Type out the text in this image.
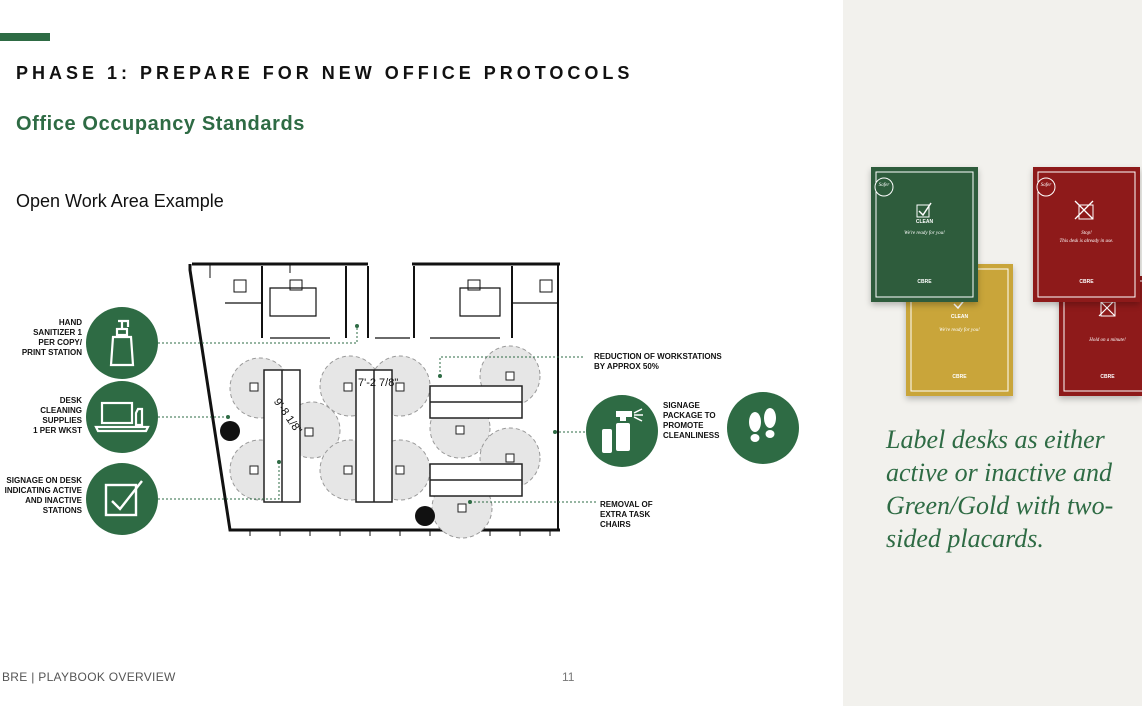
PHASE 1: PREPARE FOR NEW OFFICE PROTOCOLS
Office Occupancy Standards
Open Work Area Example
9'-8 1/8"
7'-2 7/8"
HAND
SANITIZER 1
PER COPY/
PRINT STATION
DESK
CLEANING SUPPLIES
1 PER WKST
SIGNAGE ON DESK
INDICATING ACTIVE
AND INACTIVE
STATIONS
REDUCTION OF WORKSTATIONS
BY APPROX 50%
SIGNAGE
PACKAGE TO
PROMOTE
CLEANLINESS
REMOVAL OF
EXTRA TASK
CHAIRS
CLEAN
We're ready for you!
CBRE
Safer
CLEAN
We're ready for you!
CBRE
Hold on a minute!
CBRE
Safer
Stop!
This desk is already in use.
CBRE

Label desks as either
active or inactive and
Green/Gold with two-
sided placards.

BRE | PLAYBOOK OVERVIEW	11
